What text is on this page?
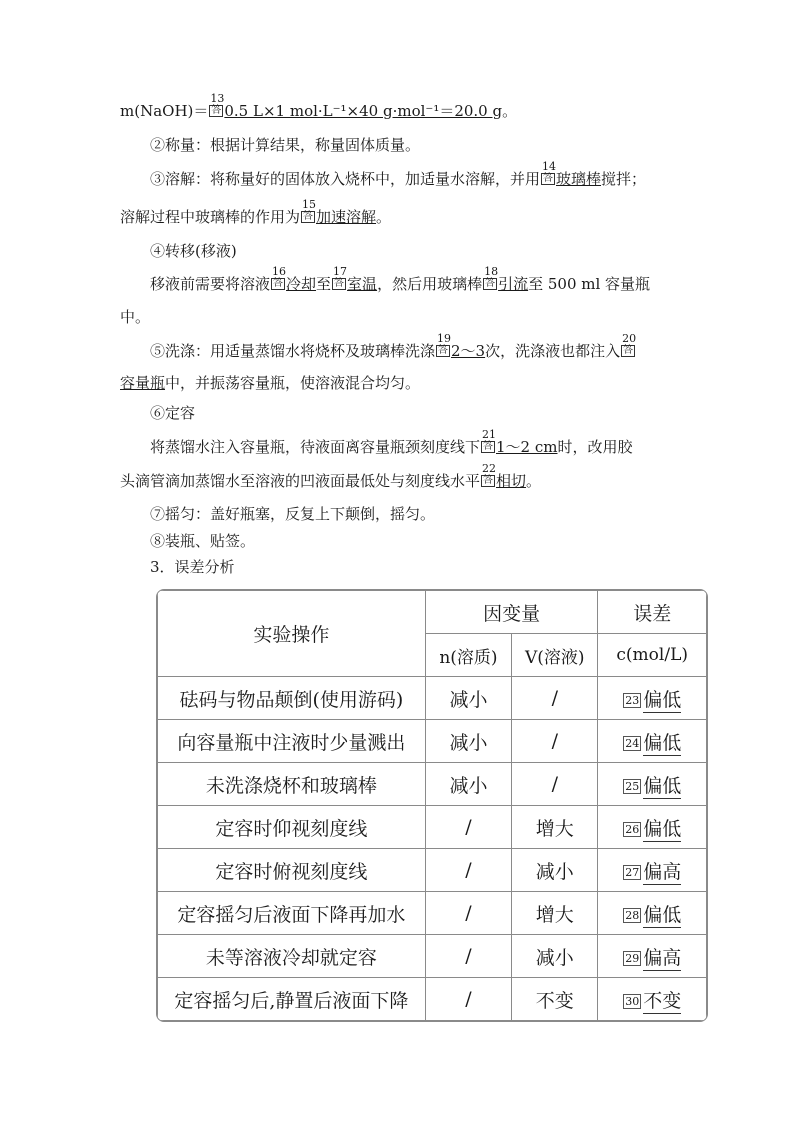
m(NaOH)＝
13
答 0.5 L×1 mol·L⁻¹×40 g·mol⁻¹＝20.0 g。
②称量：根据计算结果，称量固体质量。
③溶解：将称量好的固体放入烧杯中，加适量水溶解，并用
14
答 玻璃棒搅拌；
溶解过程中玻璃棒的作用为
15
答 加速溶解。
④转移(移液)
移液前需要将溶液
16
答 冷却至
17
答 室温，然后用玻璃棒
18
答 引流至 500 ml 容量瓶
中。
⑤洗涤：用适量蒸馏水将烧杯及玻璃棒洗涤
19
答 2～3次，洗涤液也都注入
20
答
容量瓶中，并振荡容量瓶，使溶液混合均匀。
⑥定容
将蒸馏水注入容量瓶，待液面离容量瓶颈刻度线下
21
答 1～2 cm时，改用胶
头滴管滴加蒸馏水至溶液的凹液面最低处与刻度线水平
22
答 相切。
⑦摇匀：盖好瓶塞，反复上下颠倒，摇匀。
⑧装瓶、贴签。
3．误差分析
实验操作	因变量		误差
	n(溶质)	V(溶液)	c(mol/L)
砝码与物品颠倒(使用游码)	减小	/	23 偏低
向容量瓶中注液时少量溅出	减小	/	24 偏低
未洗涤烧杯和玻璃棒	减小	/	25 偏低
定容时仰视刻度线	/	增大	26 偏低
定容时俯视刻度线	/	减小	27 偏高
定容摇匀后液面下降再加水	/	增大	28 偏低
未等溶液冷却就定容	/	减小	29 偏高
定容摇匀后,静置后液面下降	/	不变	30 不变
